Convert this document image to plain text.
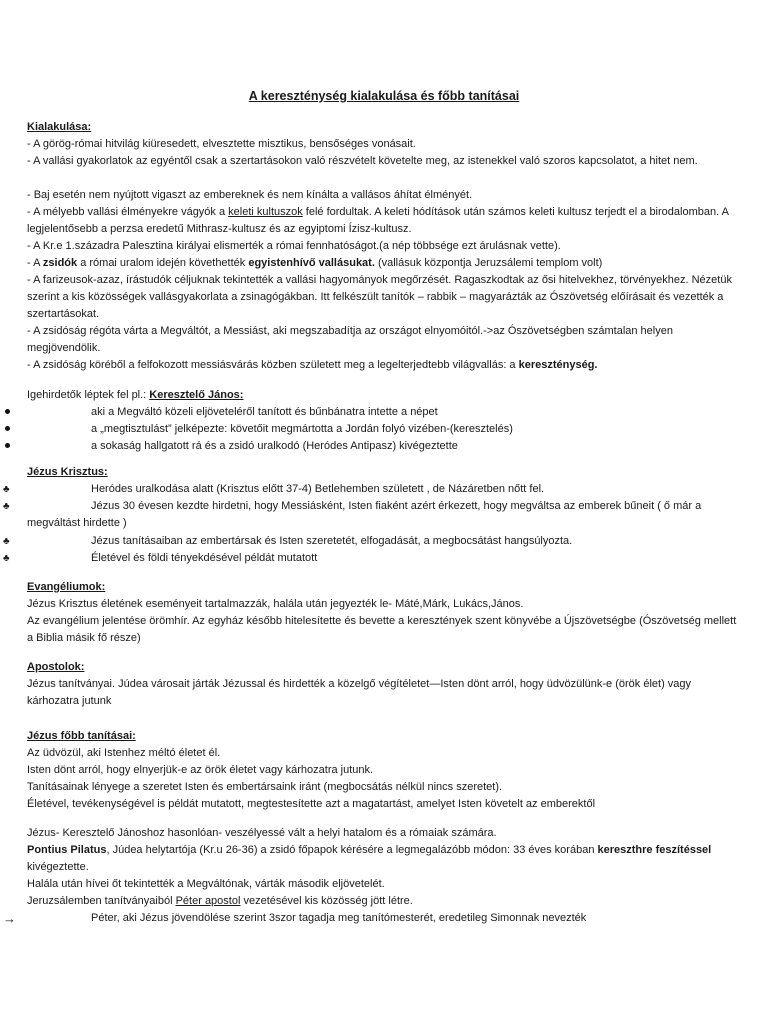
A kereszténység kialakulása és főbb tanításai
Kialakulása:
- A görög-római hitvilág kiüresedett, elvesztette misztikus, bensőséges vonásait.
- A vallási gyakorlatok az egyéntől csak a szertartásokon való részvételt követelte meg, az istenekkel való szoros kapcsolatot, a hitet nem.
- Baj esetén nem nyújtott vigaszt az embereknek és nem kínálta a vallásos áhítat élményét.
- A mélyebb vallási élményekre vágyók a keleti kultuszok felé fordultak. A keleti hódítások után számos keleti kultusz terjedt el a birodalomban. A legjelentősebb a perzsa eredetű Mithrasz-kultusz és az egyiptomi Ízisz-kultusz.
- A Kr.e 1.századra Palesztina királyai elismerték a római fennhatóságot.(a nép többsége ezt árulásnak vette).
- A zsidók a római uralom idején követhették egyistenhívő vallásukat. (vallásuk központja Jeruzsálemi templom volt)
- A farizeusok-azaz, írástudók céljuknak tekintették a vallási hagyományok megőrzését. Ragaszkodtak az ősi hitelvekhez, törvényekhez. Nézetük szerint a kis közösségek vallásgyakorlata a zsinagógákban. Itt felkészült tanítók – rabbik – magyarázták az Ószövetség előírásait és vezették a szertartásokat.
- A zsidóság régóta várta a Megváltót, a Messiást, aki megszabadítja az országot elnyomóitól.->az Ószövetségben számtalan helyen megjövendölik.
- A zsidóság köréből a felfokozott messiásvárás közben született meg a legelterjedtebb világvallás: a kereszténység.
Igehirdetők léptek fel pl.: Keresztelő János:
aki a Megváltó közeli eljöveteléről tanított és bűnbánatra intette a népet
a „megtisztulást” jelképezte: követőit megmártotta a Jordán folyó vizében-(keresztelés)
a sokaság hallgatott rá és a zsidó uralkodó (Heródes Antipasz) kivégeztette
Jézus Krisztus:
♣
Heródes uralkodása alatt (Krisztus előtt 37-4) Betlehemben született , de Názáretben nőtt fel.
♣
Jézus 30 évesen kezdte hirdetni, hogy Messiásként, Isten fiaként azért érkezett, hogy megváltsa az emberek bűneit ( ő már a megváltást hirdette )
♣
Jézus tanításaiban az embertársak és Isten szeretetét, elfogadását, a megbocsátást hangsúlyozta.
♣
Életével és földi tényekdésével példát mutatott
Evangéliumok:
Jézus Krisztus életének eseményeit tartalmazzák, halála után jegyezték le- Máté,Márk, Lukács,János.
Az evangélium jelentése örömhír. Az egyház később hitelesítette és bevette a keresztények szent könyvébe a Újszövetségbe (Ószövetség mellett a Biblia másik fő része)
Apostolok:
Jézus tanítványai. Júdea városait járták Jézussal és hirdették a közelgő végítéletet—Isten dönt arról, hogy üdvözülünk-e (örök élet) vagy kárhozatra jutunk
Jézus főbb tanításai:
Az üdvözül, aki Istenhez méltó életet él.
Isten dönt arról, hogy elnyerjük-e az örök életet vagy kárhozatra jutunk.
Tanításainak lényege a szeretet Isten és embertársaink iránt (megbocsátás nélkül nincs szeretet).
Életével, tevékenységével is példát mutatott, megtestesítette azt a magatartást, amelyet Isten követelt az emberektől
Jézus- Keresztelő Jánoshoz hasonlóan- veszélyessé vált a helyi hatalom és a rómaiak számára.
Pontius Pilatus, Júdea helytartója (Kr.u 26-36) a zsidó főpapok kérésére a legmegalázóbb módon: 33 éves korában kereszthre feszítéssel kivégeztette.
Halála után hívei őt tekintették a Megváltónak, várták második eljövetelét.
Jeruzsálemben tanítványaiból Péter apostol vezetésével kis közösség jött létre.
→
Péter, aki Jézus jövendölése szerint 3szor tagadja meg tanítómesterét, eredetileg Simonnak nevezték
